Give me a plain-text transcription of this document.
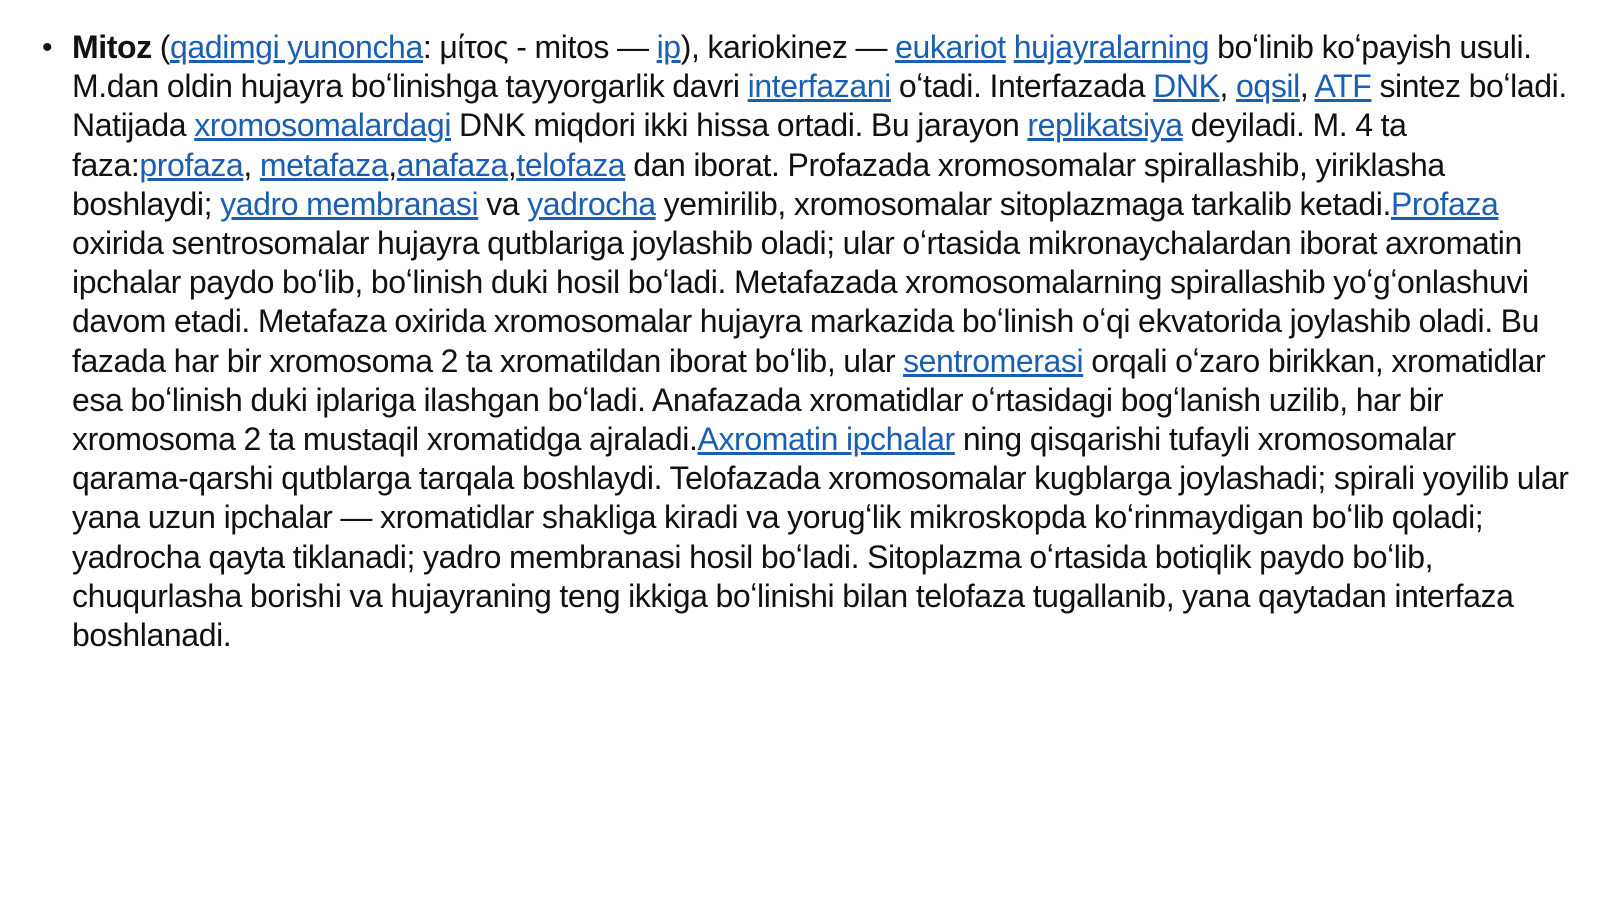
• Mitoz (qadimgi yunoncha: μίτος - mitos — ip), kariokinez — eukariot hujayralarning boʻlinib koʻpayish usuli. M.dan oldin hujayra boʻlinishga tayyorgarlik davri interfazani oʻtadi. Interfazada DNK, oqsil, ATF sintez boʻladi. Natijada xromosomalardagi DNK miqdori ikki hissa ortadi. Bu jarayon replikatsiya deyiladi. M. 4 ta faza:profaza, metafaza,anafaza,telofaza dan iborat. Profazada xromosomalar spirallashib, yiriklasha boshlaydi; yadro membranasi va yadrocha yemirilib, xromosomalar sitoplazmaga tarkalib ketadi.Profaza oxirida sentrosomalar hujayra qutblariga joylashib oladi; ular oʻrtasida mikronaychalardan iborat axromatin ipchalar paydo boʻlib, boʻlinish duki hosil boʻladi. Metafazada xromosomalarning spirallashib yoʻgʻonlashuvi davom etadi. Metafaza oxirida xromosomalar hujayra markazida boʻlinish oʻqi ekvatorida joylashib oladi. Bu fazada har bir xromosoma 2 ta xromatildan iborat boʻlib, ular sentromerasi orqali oʻzaro birikkan, xromatidlar esa boʻlinish duki iplariga ilashgan boʻladi. Anafazada xromatidlar oʻrtasidagi bogʻlanish uzilib, har bir xromosoma 2 ta mustaqil xromatidga ajraladi.Axromatin ipchalar ning qisqarishi tufayli xromosomalar qarama-qarshi qutblarga tarqala boshlaydi. Telofazada xromosomalar kugblarga joylashadi; spirali yoyilib ular yana uzun ipchalar — xromatidlar shakliga kiradi va yorugʻlik mikroskopda koʻrinmaydigan boʻlib qoladi; yadrocha qayta tiklanadi; yadro membranasi hosil boʻladi. Sitoplazma oʻrtasida botiqlik paydo boʻlib, chuqurlasha borishi va hujayraning teng ikkiga boʻlinishi bilan telofaza tugallanib, yana qaytadan interfaza boshlanadi.
